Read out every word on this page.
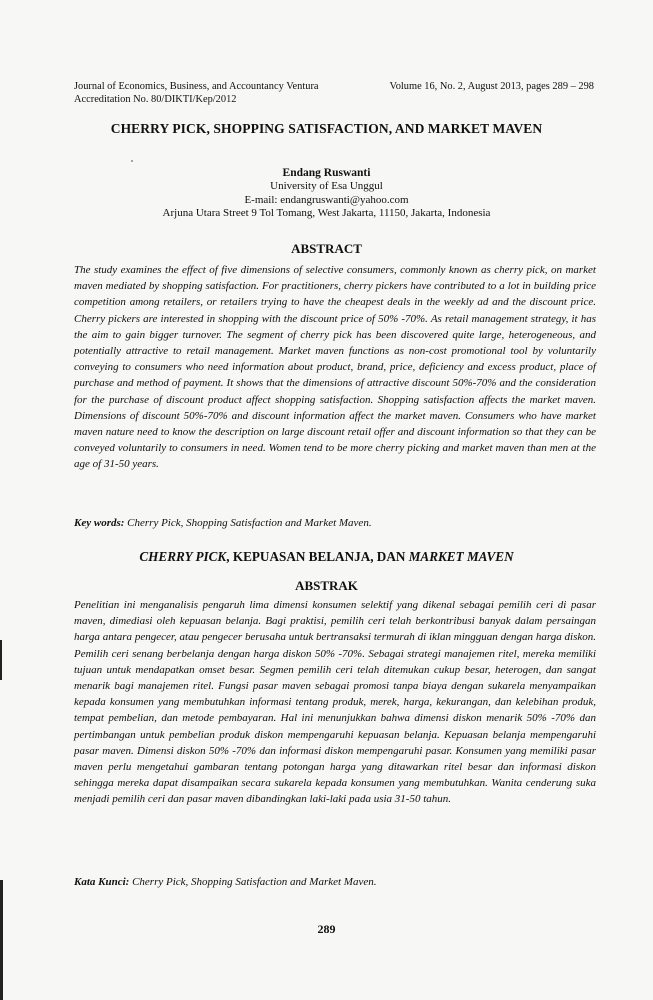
Journal of Economics, Business, and Accountancy Ventura	Volume 16, No. 2, August 2013, pages 289 – 298
Accreditation No. 80/DIKTI/Kep/2012
CHERRY PICK, SHOPPING SATISFACTION, AND MARKET MAVEN
Endang Ruswanti
University of Esa Unggul
E-mail: endangruswanti@yahoo.com
Arjuna Utara Street 9 Tol Tomang, West Jakarta, 11150, Jakarta, Indonesia
ABSTRACT
The study examines the effect of five dimensions of selective consumers, commonly known as cherry pick, on market maven mediated by shopping satisfaction. For practitioners, cherry pickers have contributed to a lot in building price competition among retailers, or retailers trying to have the cheapest deals in the weekly ad and the discount price. Cherry pickers are interested in shopping with the discount price of 50% -70%. As retail management strategy, it has the aim to gain bigger turnover. The segment of cherry pick has been discovered quite large, heterogeneous, and potentially attractive to retail management. Market maven functions as non-cost promotional tool by voluntarily conveying to consumers who need information about product, brand, price, deficiency and excess product, place of purchase and method of payment. It shows that the dimensions of attractive discount 50%-70% and the consideration for the purchase of discount product affect shopping satisfaction. Shopping satisfaction affects the market maven. Dimensions of discount 50%-70% and discount information affect the market maven. Consumers who have market maven nature need to know the description on large discount retail offer and discount information so that they can be conveyed voluntarily to consumers in need. Women tend to be more cherry picking and market maven than men at the age of 31-50 years.
Key words: Cherry Pick, Shopping Satisfaction and Market Maven.
CHERRY PICK, KEPUASAN BELANJA, DAN MARKET MAVEN
ABSTRAK
Penelitian ini menganalisis pengaruh lima dimensi konsumen selektif yang dikenal sebagai pemilih ceri di pasar maven, dimediasi oleh kepuasan belanja. Bagi praktisi, pemilih ceri telah berkontribusi banyak dalam persaingan harga antara pengecer, atau pengecer berusaha untuk bertransaksi termurah di iklan mingguan dengan harga diskon. Pemilih ceri senang berbelanja dengan harga diskon 50% -70%. Sebagai strategi manajemen ritel, mereka memiliki tujuan untuk mendapatkan omset besar. Segmen pemilih ceri telah ditemukan cukup besar, heterogen, dan sangat menarik bagi manajemen ritel. Fungsi pasar maven sebagai promosi tanpa biaya dengan sukarela menyampaikan kepada konsumen yang membutuhkan informasi tentang produk, merek, harga, kekurangan, dan kelebihan produk, tempat pembelian, dan metode pembayaran. Hal ini menunjukkan bahwa dimensi diskon menarik 50% -70% dan pertimbangan untuk pembelian produk diskon mempengaruhi kepuasan belanja. Kepuasan belanja mempengaruhi pasar maven. Dimensi diskon 50% -70% dan informasi diskon mempengaruhi pasar. Konsumen yang memiliki pasar maven perlu mengetahui gambaran tentang potongan harga yang ditawarkan ritel besar dan informasi diskon sehingga mereka dapat disampaikan secara sukarela kepada konsumen yang membutuhkan. Wanita cenderung suka menjadi pemilih ceri dan pasar maven dibandingkan laki-laki pada usia 31-50 tahun.
Kata Kunci: Cherry Pick, Shopping Satisfaction and Market Maven.
289
